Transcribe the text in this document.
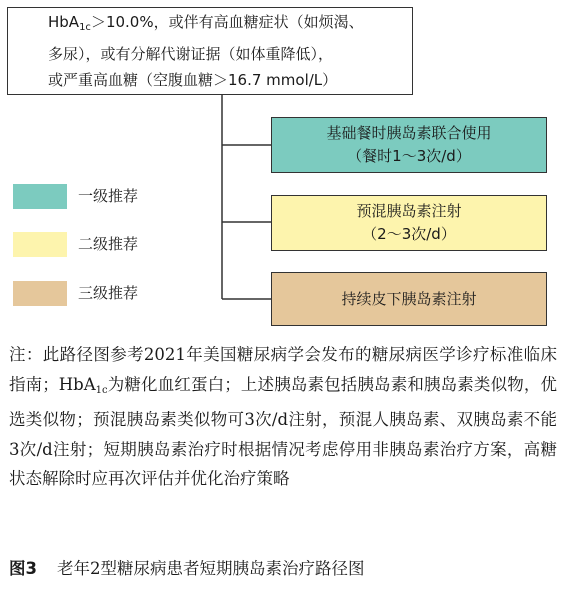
HbA$_{1c}$＞10.0%，或伴有高血糖症状（如烦渴、
多尿），或有分解代谢证据（如体重降低），
或严重高血糖（空腹血糖＞16.7 mmol/L）
基础餐时胰岛素联合使用
（餐时1～3次/d）
预混胰岛素注射
（2～3次/d）
持续皮下胰岛素注射
一级推荐
二级推荐
三级推荐
注：此路径图参考2021年美国糖尿病学会发布的糖尿病医学诊疗标准临床指南；HbA$_{1c}$为糖化血红蛋白；上述胰岛素包括胰岛素和胰岛素类似物，优选类似物；预混胰岛素类似物可3次/d注射，预混人胰岛素、双胰岛素不能3次/d注射；短期胰岛素治疗时根据情况考虑停用非胰岛素治疗方案，高糖状态解除时应再次评估并优化治疗策略
图3 老年2型糖尿病患者短期胰岛素治疗路径图
